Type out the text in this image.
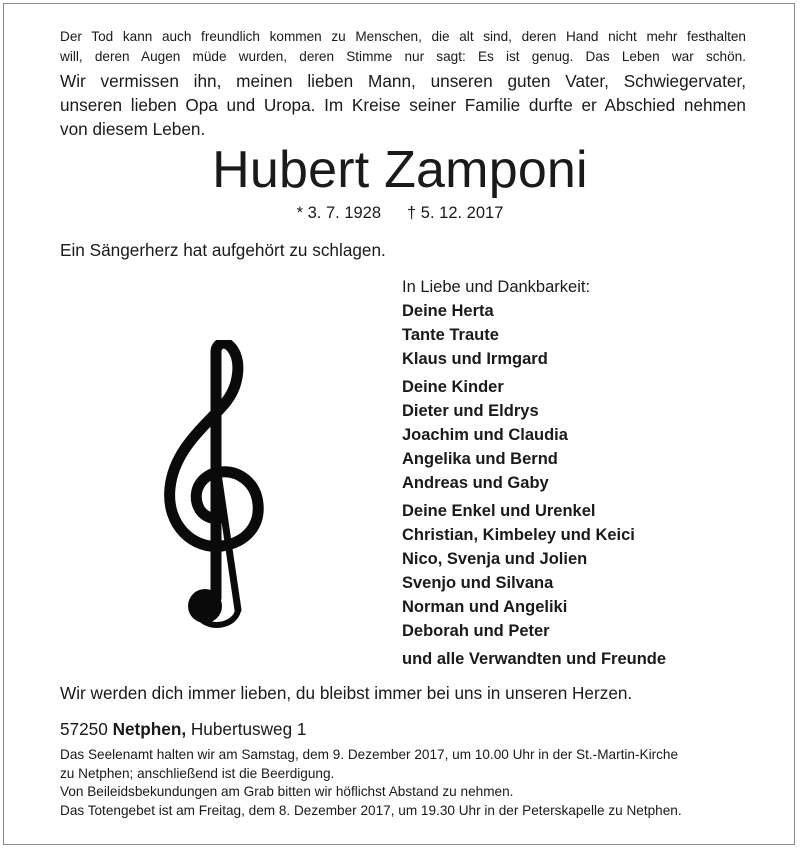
Der Tod kann auch freundlich kommen zu Menschen, die alt sind, deren Hand nicht mehr festhalten
will, deren Augen müde wurden, deren Stimme nur sagt: Es ist genug. Das Leben war schön.
Wir vermissen ihn, meinen lieben Mann, unseren guten Vater, Schwiegervater,
unseren lieben Opa und Uropa. Im Kreise seiner Familie durfte er Abschied nehmen
von diesem Leben.
Hubert Zamponi
* 3. 7. 1928 † 5. 12. 2017
Ein Sängerherz hat aufgehört zu schlagen.
In Liebe und Dankbarkeit:
Deine Herta
Tante Traute
Klaus und Irmgard
Deine Kinder
Dieter und Eldrys
Joachim und Claudia
Angelika und Bernd
Andreas und Gaby
Deine Enkel und Urenkel
Christian, Kimbeley und Keici
Nico, Svenja und Jolien
Svenjo und Silvana
Norman und Angeliki
Deborah und Peter
und alle Verwandten und Freunde
Wir werden dich immer lieben, du bleibst immer bei uns in unseren Herzen.
57250 Netphen, Hubertusweg 1
Das Seelenamt halten wir am Samstag, dem 9. Dezember 2017, um 10.00 Uhr in der St.-Martin-Kirche
zu Netphen; anschließend ist die Beerdigung.
Von Beileidsbekundungen am Grab bitten wir höflichst Abstand zu nehmen.
Das Totengebet ist am Freitag, dem 8. Dezember 2017, um 19.30 Uhr in der Peterskapelle zu Netphen.
